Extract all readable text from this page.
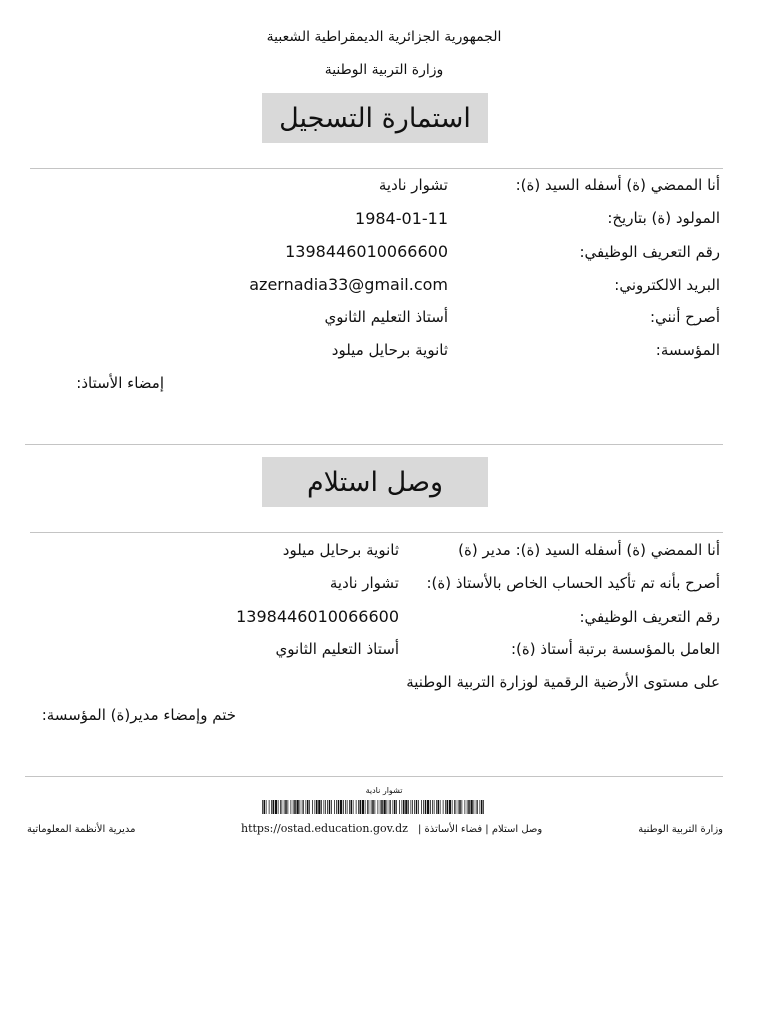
الجمهورية الجزائرية الديمقراطية الشعبية
وزارة التربية الوطنية
استمارة التسجيل
أنا الممضي (ة) أسفله السيد (ة):
تشوار نادية
المولود (ة) بتاريخ:
1984-01-11
رقم التعريف الوظيفي:
1398446010066600
البريد الالكتروني:
azernadia33@gmail.com
أصرح أنني:
أستاذ التعليم الثانوي
المؤسسة:
ثانوية برحايل ميلود
إمضاء الأستاذ:
وصل استلام
أنا الممضي (ة) أسفله السيد (ة): مدير (ة)
ثانوية برحايل ميلود
أصرح بأنه تم تأكيد الحساب الخاص بالأستاذ (ة):
تشوار نادية
رقم التعريف الوظيفي:
1398446010066600
العامل بالمؤسسة برتبة أستاذ (ة):
أستاذ التعليم الثانوي
على مستوى الأرضية الرقمية لوزارة التربية الوطنية
ختم وإمضاء مدير(ة) المؤسسة:
تشوار نادية
وزارة التربية الوطنية
وصل استلام | فضاء الأساتذة |
https://ostad.education.gov.dz
مديرية الأنظمة المعلوماتية
